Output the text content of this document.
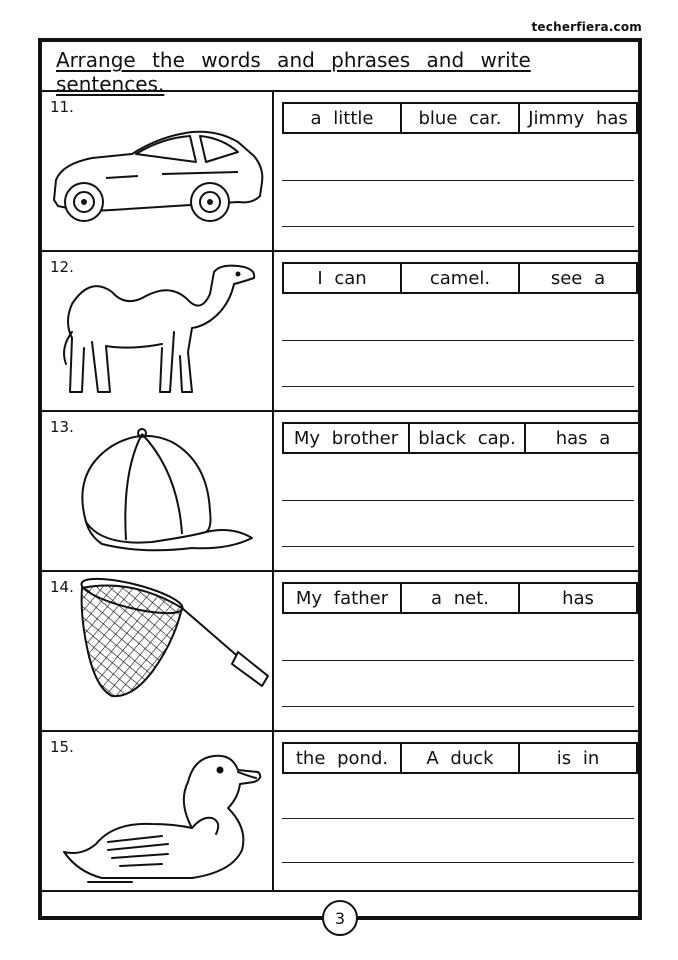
techerfiera.com
Arrange the words and phrases and write sentences.
11.
a little	blue car.	Jimmy has
12.
I can	camel.	see a
13.
My brother	black cap.	has a
14.
My father	a net.	has
15.
the pond.	A duck	is in
3
